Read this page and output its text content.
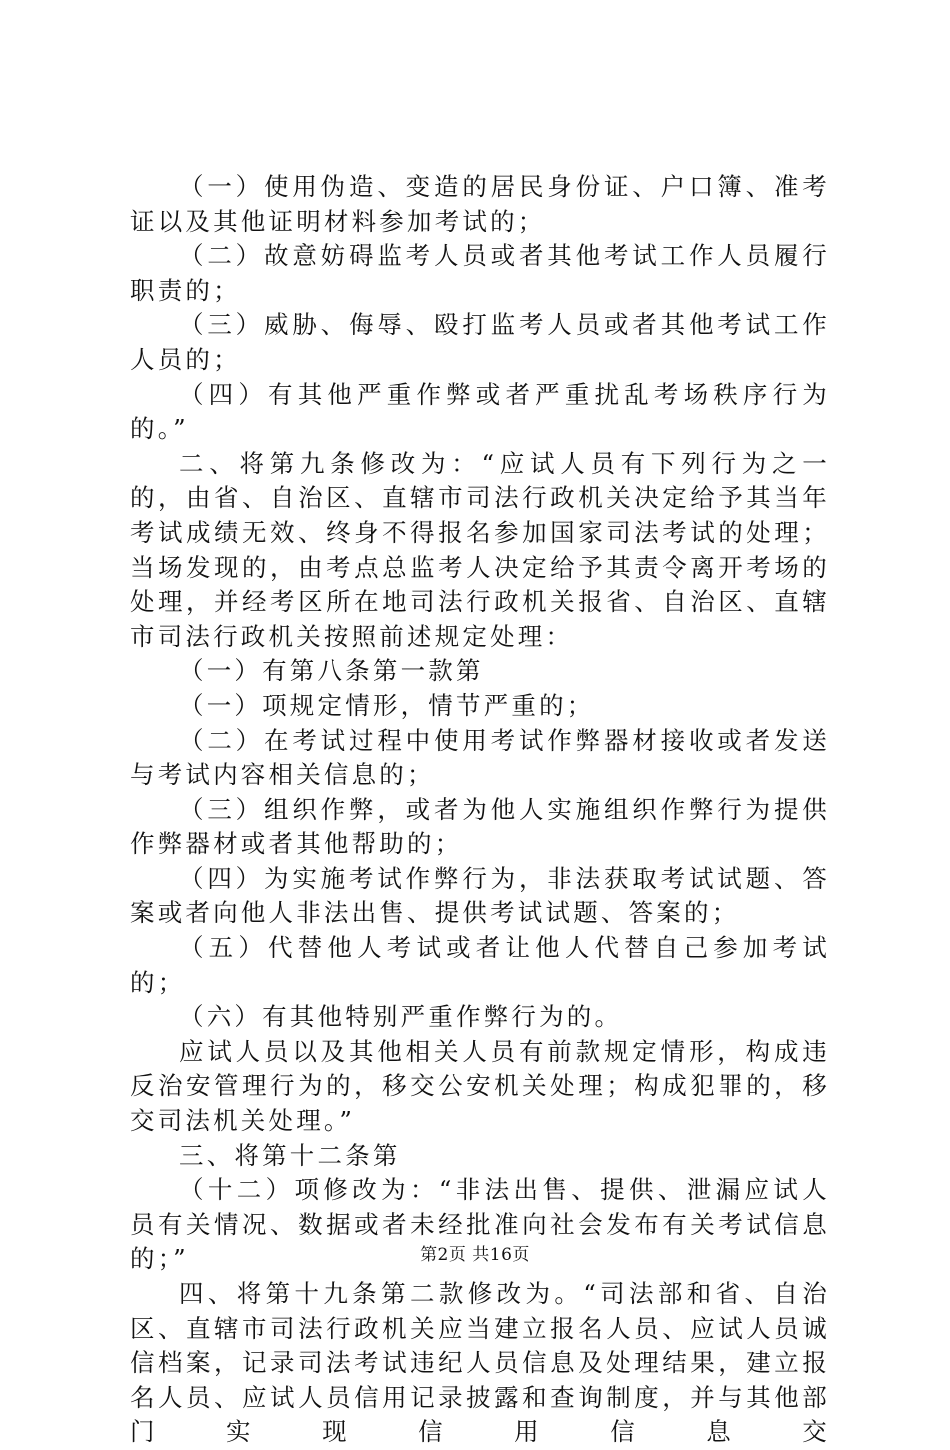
（一）使用伪造、变造的居民身份证、户口簿、准考证以及其他证明材料参加考试的；

（二）故意妨碍监考人员或者其他考试工作人员履行职责的；

（三）威胁、侮辱、殴打监考人员或者其他考试工作人员的；

（四）有其他严重作弊或者严重扰乱考场秩序行为的。”

二、将第九条修改为：“应试人员有下列行为之一的，由省、自治区、直辖市司法行政机关决定给予其当年考试成绩无效、终身不得报名参加国家司法考试的处理；当场发现的，由考点总监考人决定给予其责令离开考场的处理，并经考区所在地司法行政机关报省、自治区、直辖市司法行政机关按照前述规定处理：

（一）有第八条第一款第

（一）项规定情形，情节严重的；

（二）在考试过程中使用考试作弊器材接收或者发送与考试内容相关信息的；

（三）组织作弊，或者为他人实施组织作弊行为提供作弊器材或者其他帮助的；

（四）为实施考试作弊行为，非法获取考试试题、答案或者向他人非法出售、提供考试试题、答案的；

（五）代替他人考试或者让他人代替自己参加考试的；

（六）有其他特别严重作弊行为的。

应试人员以及其他相关人员有前款规定情形，构成违反治安管理行为的，移交公安机关处理；构成犯罪的，移交司法机关处理。”

三、将第十二条第

（十二）项修改为：“非法出售、提供、泄漏应试人员有关情况、数据或者未经批准向社会发布有关考试信息的；”

四、将第十九条第二款修改为。“司法部和省、自治区、直辖市司法行政机关应当建立报名人员、应试人员诚信档案，记录司法考试违纪人员信息及处理结果，建立报名人员、应试人员信用记录披露和查询制度，并与其他部门实现信用信息交

第2页 共16页
